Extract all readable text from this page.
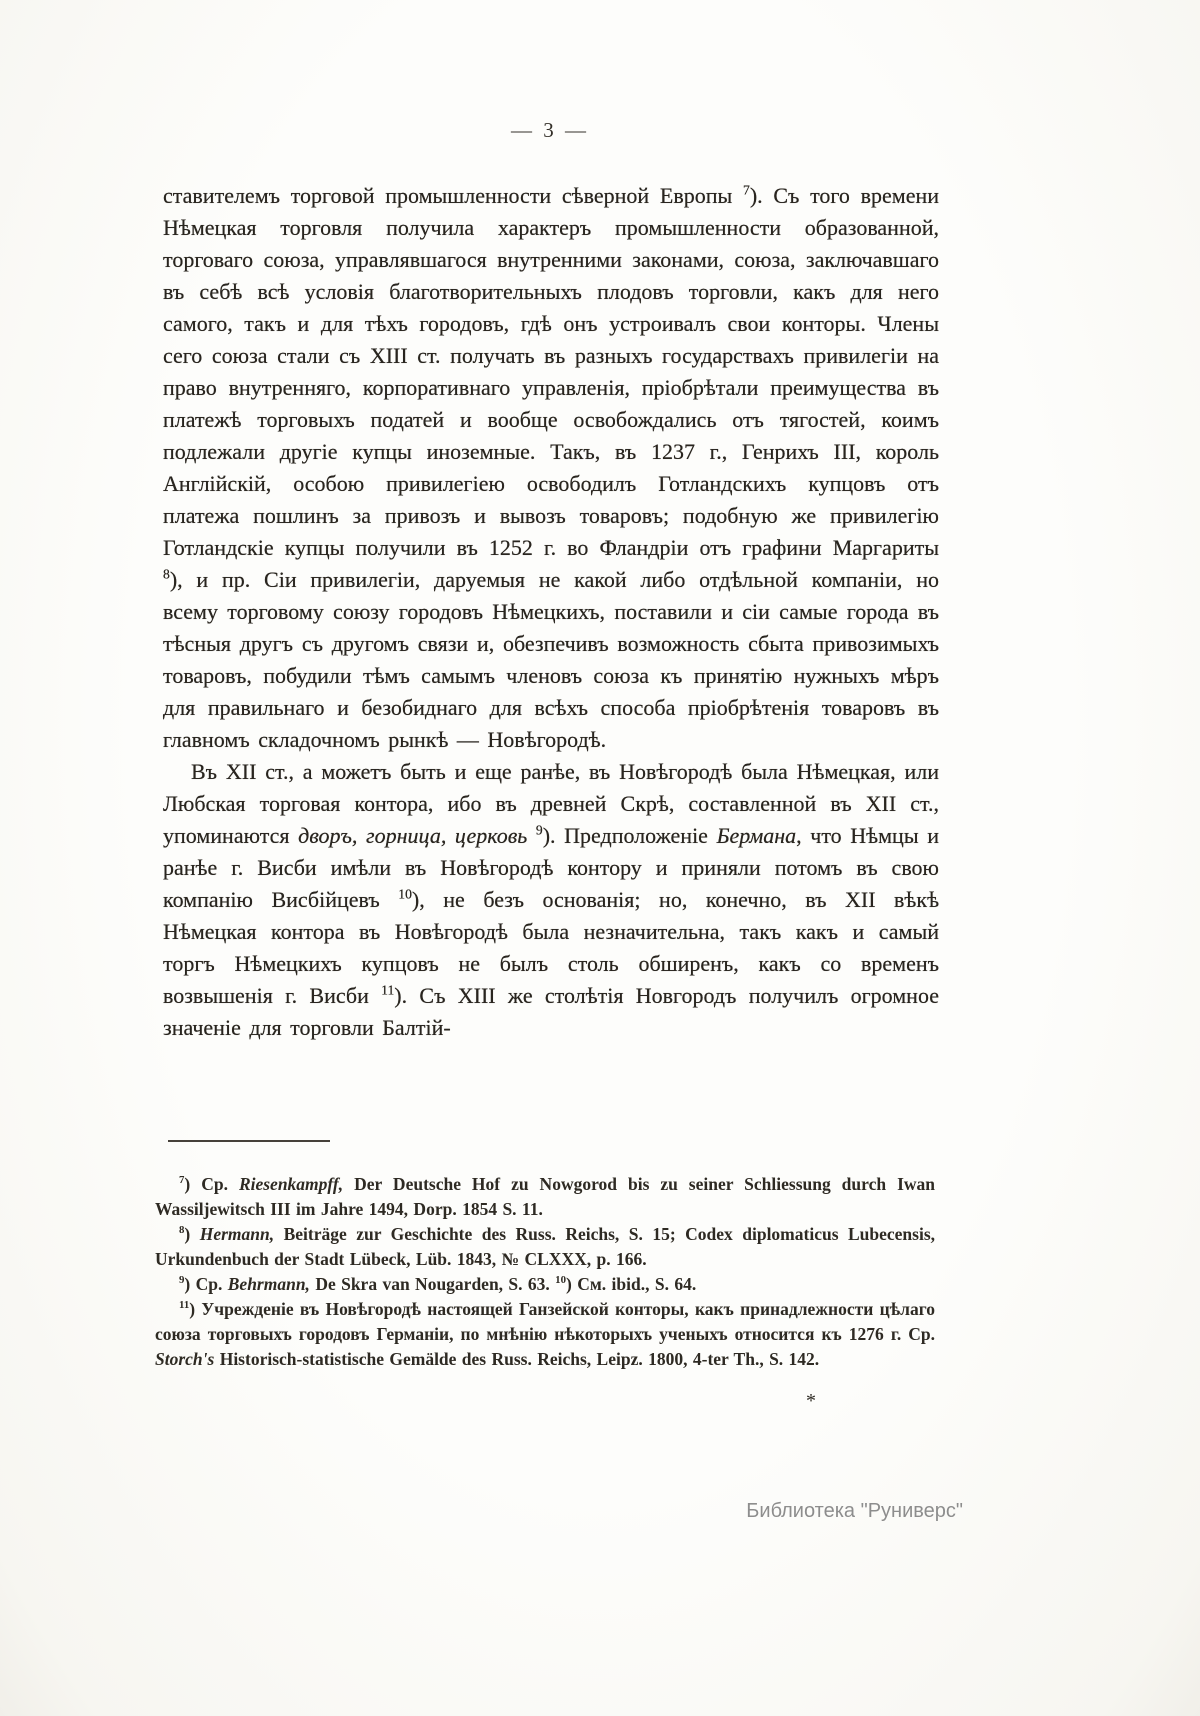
— 3 —

ставителемъ торговой промышленности сѣверной Европы $^7$). Съ того времени Нѣмецкая торговля получила характеръ промышленности образованной, торговаго союза, управлявшагося внутренними законами, союза, заключавшаго въ себѣ всѣ условія благотворительныхъ плодовъ торговли, какъ для него самого, такъ и для тѣхъ городовъ, гдѣ онъ устроивалъ свои конторы. Члены сего союза стали съ XIII ст. получать въ разныхъ государствахъ привилегіи на право внутренняго, корпоративнаго управленія, пріобрѣтали преимущества въ платежѣ торговыхъ податей и вообще освобождались отъ тягостей, коимъ подлежали другіе купцы иноземные. Такъ, въ 1237 г., Генрихъ III, король Англійскій, особою привилегіею освободилъ Готландскихъ купцовъ отъ платежа пошлинъ за привозъ и вывозъ товаровъ; подобную же привилегію Готландскіе купцы получили въ 1252 г. во Фландріи отъ графини Маргариты $^8$), и пр. Сіи привилегіи, даруемыя не какой либо отдѣльной компаніи, но всему торговому союзу городовъ Нѣмецкихъ, поставили и сіи самые города въ тѣсныя другъ съ другомъ связи и, обезпечивъ возможность сбыта привозимыхъ товаровъ, побудили тѣмъ самымъ членовъ союза къ принятію нужныхъ мѣръ для правильнаго и безобиднаго для всѣхъ способа пріобрѣтенія товаровъ въ главномъ складочномъ рынкѣ — Новѣгородѣ.

Въ XII ст., а можетъ быть и еще ранѣе, въ Новѣгородѣ была Нѣмецкая, или Любская торговая контора, ибо въ древней Скрѣ, составленной въ XII ст., упоминаются дворъ, горница, церковь $^9$). Предположеніе Бермана, что Нѣмцы и ранѣе г. Висби имѣли въ Новѣгородѣ контору и приняли потомъ въ свою компанію Висбійцевъ $^{10}$), не безъ основанія; но, конечно, въ XII вѣкѣ Нѣмецкая контора въ Новѣгородѣ была незначительна, такъ какъ и самый торгъ Нѣмецкихъ купцовъ не былъ столь обширенъ, какъ со временъ возвышенія г. Висби $^{11}$). Съ XIII же столѣтія Новгородъ получилъ огромное значеніе для торговли Балтій-

$^7$) Ср. Riesenkampff, Der Deutsche Hof zu Nowgorod bis zu seiner Schliessung durch Iwan Wassiljewitsch III im Jahre 1494, Dorp. 1854 S. 11.

$^8$) Hermann, Beiträge zur Geschichte des Russ. Reichs, S. 15; Codex diplomaticus Lubecensis, Urkundenbuch der Stadt Lübeck, Lüb. 1843, № CLXXX, p. 166.

$^9$) Ср. Behrmann, De Skra van Nougarden, S. 63. $^{10}$) См. ibid., S. 64.

$^{11}$) Учрежденіе въ Новѣгородѣ настоящей Ганзейской конторы, какъ принадлежности цѣлаго союза торговыхъ городовъ Германіи, по мнѣнію нѣкоторыхъ ученыхъ относится къ 1276 г. Ср. Storch's Historisch-statistische Gemälde des Russ. Reichs, Leipz. 1800, 4-ter Th., S. 142.

*
Библиотека "Руниверс"
